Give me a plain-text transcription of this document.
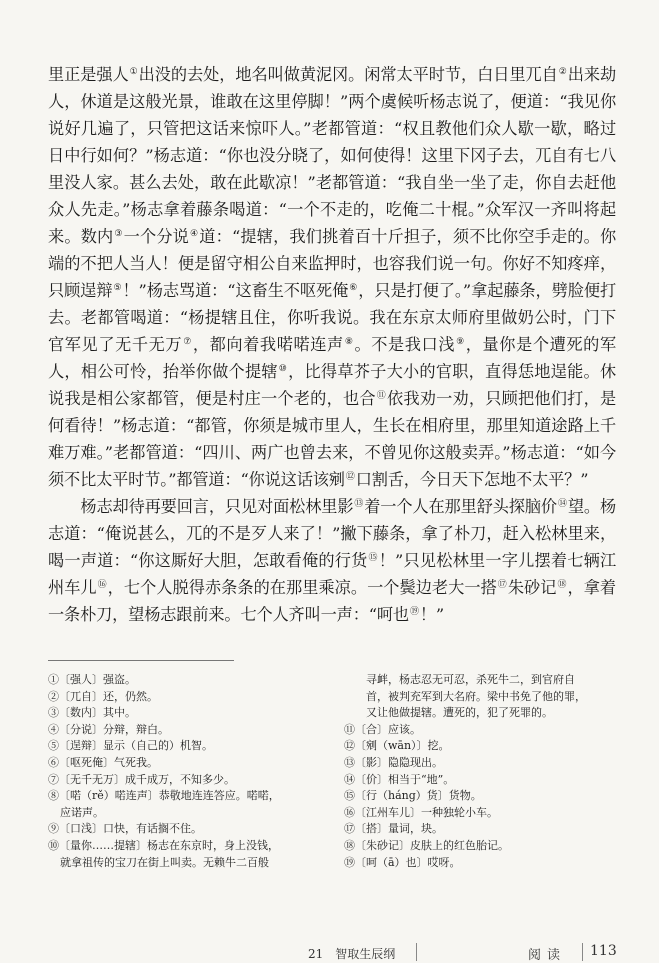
里正是强人①出没的去处，地名叫做黄泥冈。闲常太平时节，白日里兀自②出来劫人，休道是这般光景，谁敢在这里停脚！”两个虞候听杨志说了，便道：“我见你说好几遍了，只管把这话来惊吓人。”老都管道：“权且教他们众人歇一歇，略过日中行如何？”杨志道：“你也没分晓了，如何使得！这里下冈子去，兀自有七八里没人家。甚么去处，敢在此歇凉！”老都管道：“我自坐一坐了走，你自去赶他众人先走。”杨志拿着藤条喝道：“一个不走的，吃俺二十棍。”众军汉一齐叫将起来。数内③一个分说④道：“提辖，我们挑着百十斤担子，须不比你空手走的。你端的不把人当人！便是留守相公自来监押时，也容我们说一句。你好不知疼痒，只顾逞辩⑤！”杨志骂道：“这畜生不呕死俺⑥，只是打便了。”拿起藤条，劈脸便打去。老都管喝道：“杨提辖且住，你听我说。我在东京太师府里做奶公时，门下官军见了无千无万⑦，都向着我喏喏连声⑧。不是我口浅⑨，量你是个遭死的军人，相公可怜，抬举你做个提辖⑩，比得草芥子大小的官职，直得恁地逞能。休说我是相公家都管，便是村庄一个老的，也合⑪依我劝一劝，只顾把他们打，是何看待！”杨志道：“都管，你须是城市里人，生长在相府里，那里知道途路上千难万难。”老都管道：“四川、两广也曾去来，不曾见你这般卖弄。”杨志道：“如今须不比太平时节。”都管道：“你说这话该剜⑫口割舌，今日天下怎地不太平？”

杨志却待再要回言，只见对面松林里影⑬着一个人在那里舒头探脑价⑭望。杨志道：“俺说甚么，兀的不是歹人来了！”撇下藤条，拿了朴刀，赶入松林里来，喝一声道：“你这厮好大胆，怎敢看俺的行货⑮！”只见松林里一字儿摆着七辆江州车儿⑯，七个人脱得赤条条的在那里乘凉。一个鬓边老大一搭⑰朱砂记⑱，拿着一条朴刀，望杨志跟前来。七个人齐叫一声：“呵也⑲！”

①〔强人〕强盗。
②〔兀自〕还，仍然。
③〔数内〕其中。
④〔分说〕分辩，辩白。
⑤〔逞辩〕显示（自己的）机智。
⑥〔呕死俺〕气死我。
⑦〔无千无万〕成千成万，不知多少。
⑧〔喏（rě）喏连声〕恭敬地连连答应。喏喏，
应诺声。
⑨〔口浅〕口快，有话搁不住。
⑩〔量你……提辖〕杨志在东京时，身上没钱，
就拿祖传的宝刀在街上叫卖。无赖牛二百般
寻衅，杨志忍无可忍，杀死牛二，到官府自
首，被判充军到大名府。梁中书免了他的罪，
又让他做提辖。遭死的，犯了死罪的。
⑪〔合〕应该。
⑫〔剜（wān）〕挖。
⑬〔影〕隐隐现出。
⑭〔价〕相当于“地”。
⑮〔行（háng）货〕货物。
⑯〔江州车儿〕一种独轮小车。
⑰〔搭〕量词，块。
⑱〔朱砂记〕皮肤上的红色胎记。
⑲〔呵（ā）也〕哎呀。
21　智取生辰纲	阅读 113
